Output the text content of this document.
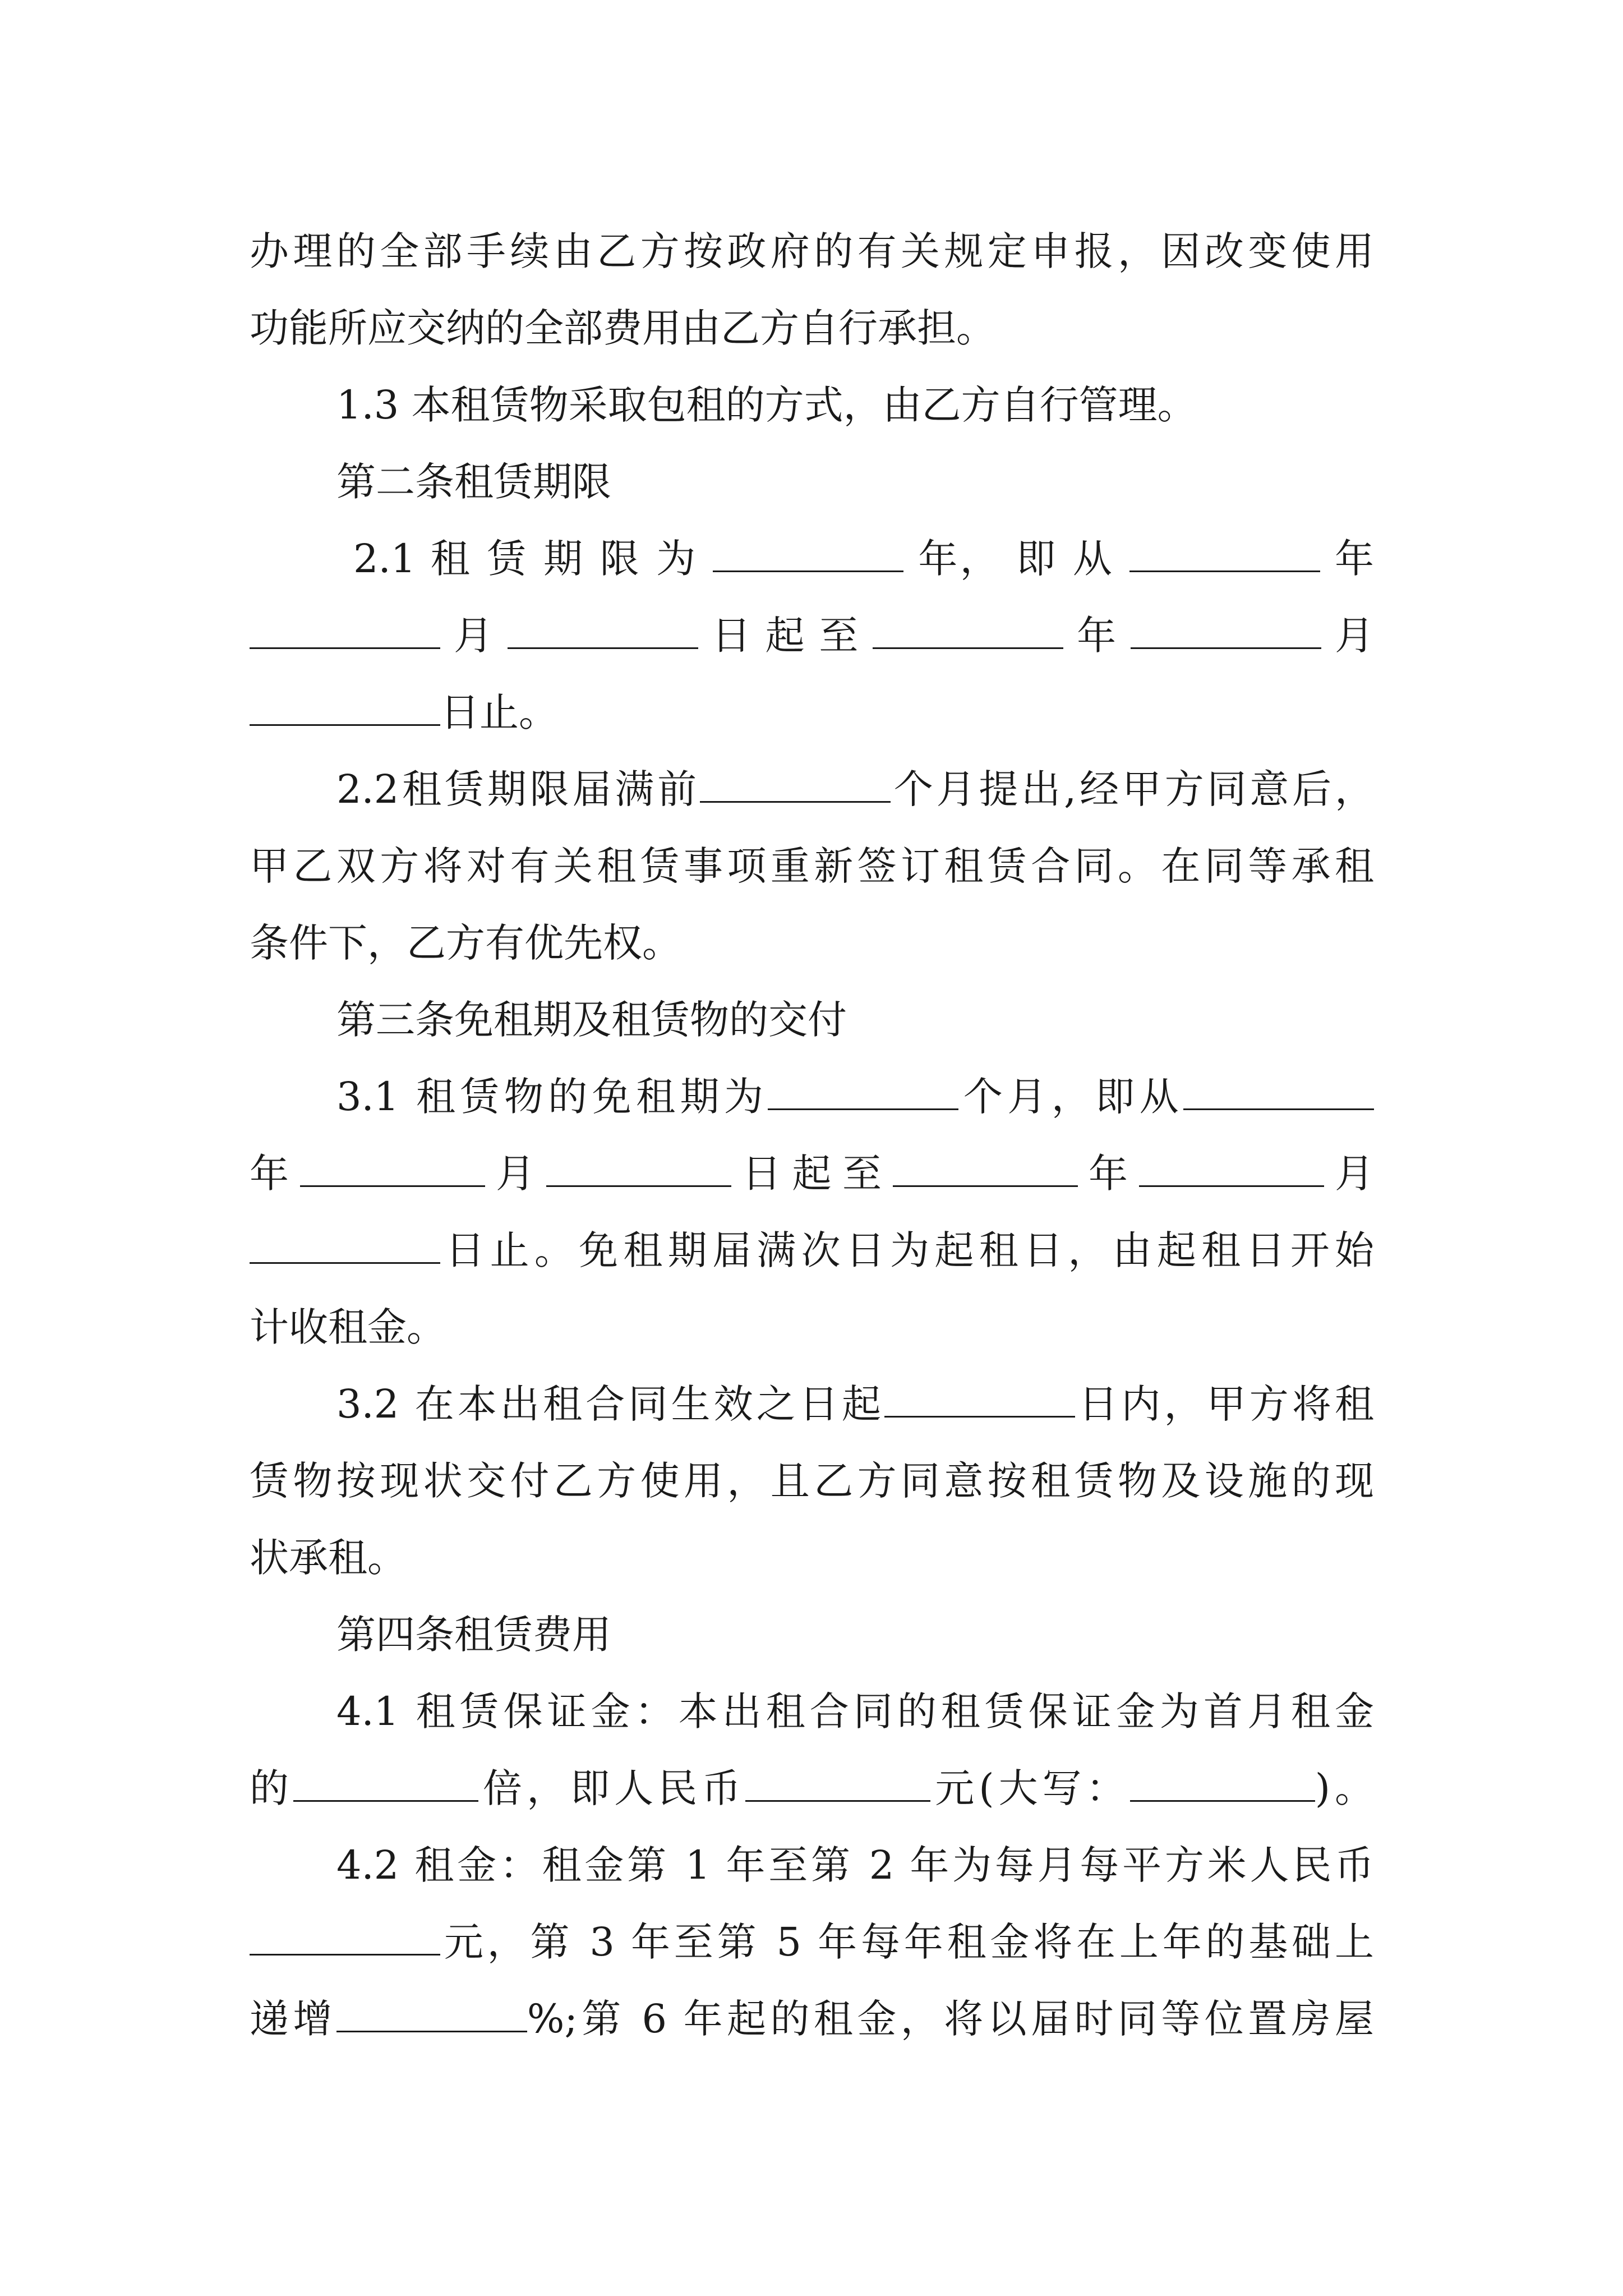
办理的全部手续由乙方按政府的有关规定申报，因改变使用
功能所应交纳的全部费用由乙方自行承担。
1.3 本租赁物采取包租的方式，由乙方自行管理。
第二条租赁期限
2.1 租 赁 期 限 为	年， 即 从	年
月	日 起 至	年	月
日止。
2.2租赁期限届满前	个月提出,经甲方同意后，
甲乙双方将对有关租赁事项重新签订租赁合同。在同等承租
条件下，乙方有优先权。
第三条免租期及租赁物的交付
3.1 租赁物的免租期为	个月，即从
年	月	日起至	年	月
日止。免租期届满次日为起租日，由起租日开始
计收租金。
3.2 在本出租合同生效之日起	日内，甲方将租
赁物按现状交付乙方使用，且乙方同意按租赁物及设施的现
状承租。
第四条租赁费用
4.1 租赁保证金：本出租合同的租赁保证金为首月租金
的	倍，即人民币	元(大写：	)。
4.2 租金：租金第 1 年至第 2 年为每月每平方米人民币
元，第 3 年至第 5 年每年租金将在上年的基础上
递增	%;第 6 年起的租金，将以届时同等位置房屋
